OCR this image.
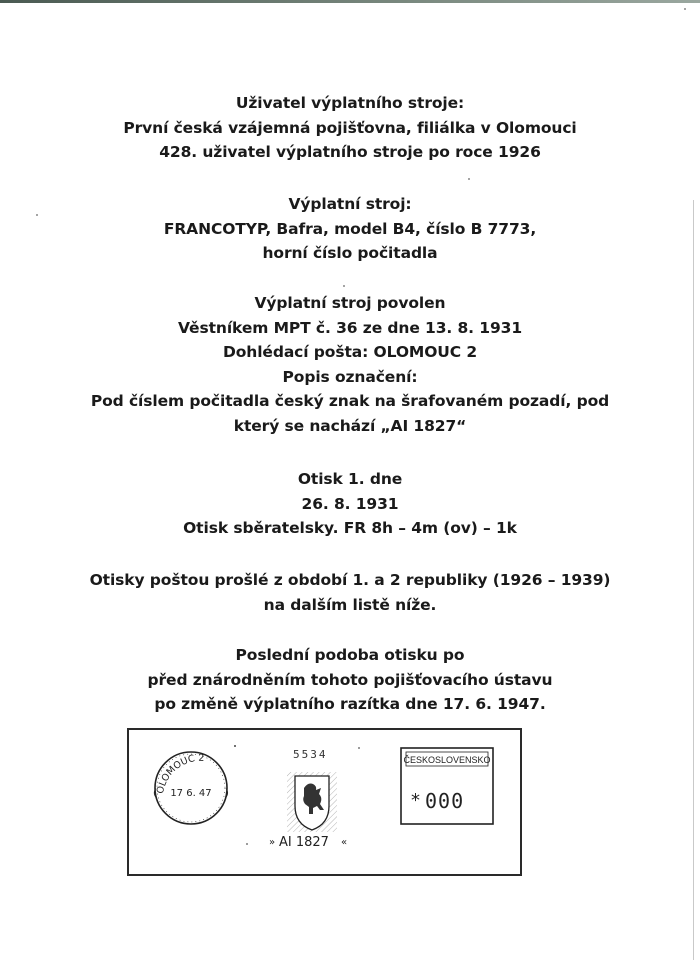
Uživatel výplatního stroje:
První česká vzájemná pojišťovna, filiálka v Olomouci
428. uživatel výplatního stroje po roce 1926
Výplatní stroj:
FRANCOTYP, Bafra, model B4, číslo B 7773,
horní číslo počitadla
Výplatní stroj povolen
Věstníkem MPT č. 36 ze dne 13. 8. 1931
Dohlédací pošta: OLOMOUC 2
Popis označení:
Pod číslem počitadla český znak na šrafovaném pozadí, pod
který se nachází „AI 1827“
Otisk 1. dne
26. 8. 1931
Otisk sběratelsky. FR 8h – 4m (ov) – 1k
Otisky poštou prošlé z období 1. a 2 republiky (1926 – 1939)
na dalším listě níže.
Poslední podoba otisku po
před znárodněním tohoto pojišťovacího ústavu
po změně výplatního razítka dne 17. 6. 1947.
OLOMOUC 2
17 6. 47
(	)
5534
» AI 1827 «
ČESKOSLOVENSKO
* 000
